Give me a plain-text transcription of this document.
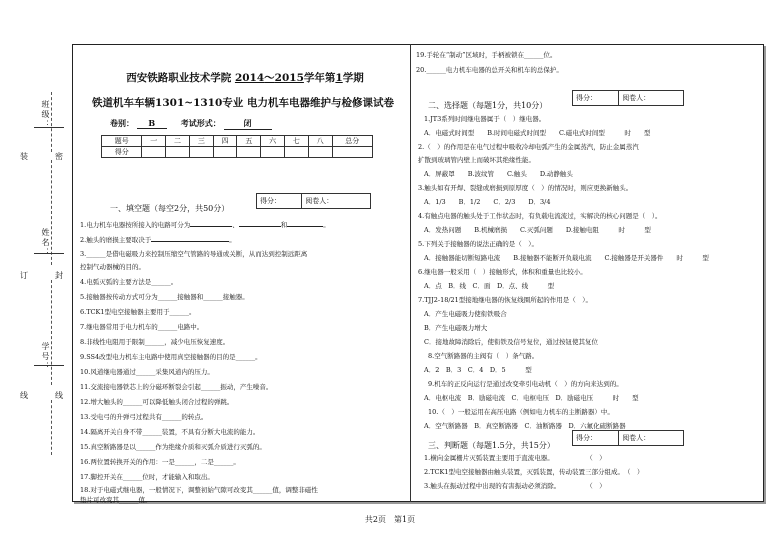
班级：
姓名：
学号：
装
订
线
密
封
线
西安铁路职业技术学院 2014～2015学年第1学期
铁道机车车辆1301~1310专业 电力机车电器维护与检修课试卷
卷别： B	考试形式：	闭
题号	一	二	三	四	五	六	七	八	总分
得分									
一、填空题（每空2分，共50分）
得分：	阅卷人：
1.电力机车电器按所接入的电路可分为	、	和	。
2.触头的磨损主要取决于	。
3.______是借电磁吸力来控制压缩空气管路的导通或关断，从而达到控制远距离
控制气动器械的目的。
4.电弧灭弧的主要方法是______。
5.接触器按传动方式可分为______接触器和______接触器。
6.TCK1型电空接触器主要用于______。
7.继电器常用于电力机车的______电路中。
8.非线性电阻用于限制______，减少电压恢复速度。
9.SS4改型电力机车主电路中使用真空接触器的目的是______。
10.风道继电器通过______采集风道内的压力。
11.交流接电器铁芯上的分磁环断裂会引起______振动，产生噪音。
12.增大触头的______可以降低触头闭合过程的弹跳。
13.受电弓的升弹弓过程共有______的转点。
14.隔离开关自身不带______装置，不具有分断大电流的能力。
15.真空断路器是以______作为绝缘介质和灭弧介质进行灭弧的。
16.两位置转换开关的作用：一是______，二是______。
17.脚控开关在______位时，才能输入和取出。
18.对于电磁式继电器，一般情况下，调整初始气隙可改变其______值，调整非磁性
垫片可改变其______值。
19.手轮在“制动”区域时，手柄被锁在______位。
20.______电力机车电器的总开关和机车的总保护。
二、选择题（每题1分，共10分）
得分：	阅卷人：
1.JT3系列时间继电器属于（　）继电器。
A．电磁式时间型　　B.时间电磁式时间型　　C.磁电式时间型　　　时　　型
2.（　）的作用是在电气过程中吸收冷却电弧产生的金属蒸汽，防止金属蒸汽
扩散到玻璃管内壁上而破坏其绝缘性能。
A．屏蔽罩　　B.波纹管　　C.触头　　D.动静触头
3.触头如有开焊、裂缝或磨损到原厚度（　）的情况时，则应更换新触头。
A．1/3　　B．1/2　　C．2/3　　D．3/4
4.有触点电器的触头处于工作状态时，有负载电流流过，实解决的核心问题是（　）。
A．发热问题　　B.机械磨损　　C.灭弧问题　　D.接触电阻　　　时　　　型
5.下列关于接触器的说法正确的是（　）。
A．接触器能切断短路电流　　B.接触器不能断开负载电流　　C.接触器是开关器件　　时　　　型
6.继电器一般采用（　）接触形式，体积和重量也比较小。
A．点　B．线　C．面　D．点、线　　　型
7.TJJ2-18/21型接地继电器的恢复线圈所起的作用是（　）。
A．产生电磁吸力使衔铁吸合
B．产生电磁吸力增大
C．接地故障消除后，使衔铁及信号复位，通过按钮使其复位
8.空气断路器的主阀有（　）条气路。
A．2　B．3　C．4　D．5　　　型
9.机车的正反向运行是通过改变牵引电动机（　）的方向来达到的。
A．电枢电流　B．励磁电流　C．电枢电压　D．励磁电压　　　时　　型
10.（　）一般运用在高压电路（例如电力机车的主断路器）中。
A．空气断路器　B．真空断路器　C．油断路器　D．六氟化硫断路器
三、判断题（每题1.5分，共15分）
得分：	阅卷人：
1.横向金属栅片灭弧装置主要用于直流电器。　　　　　　（　）
2.TCK1型电空接触器由触头装置，灭弧装置，传动装置三部分组成。　（　）
3.触头在振动过程中出现的有害振动必须消除。　　　　　（　）
共2页　第1页
